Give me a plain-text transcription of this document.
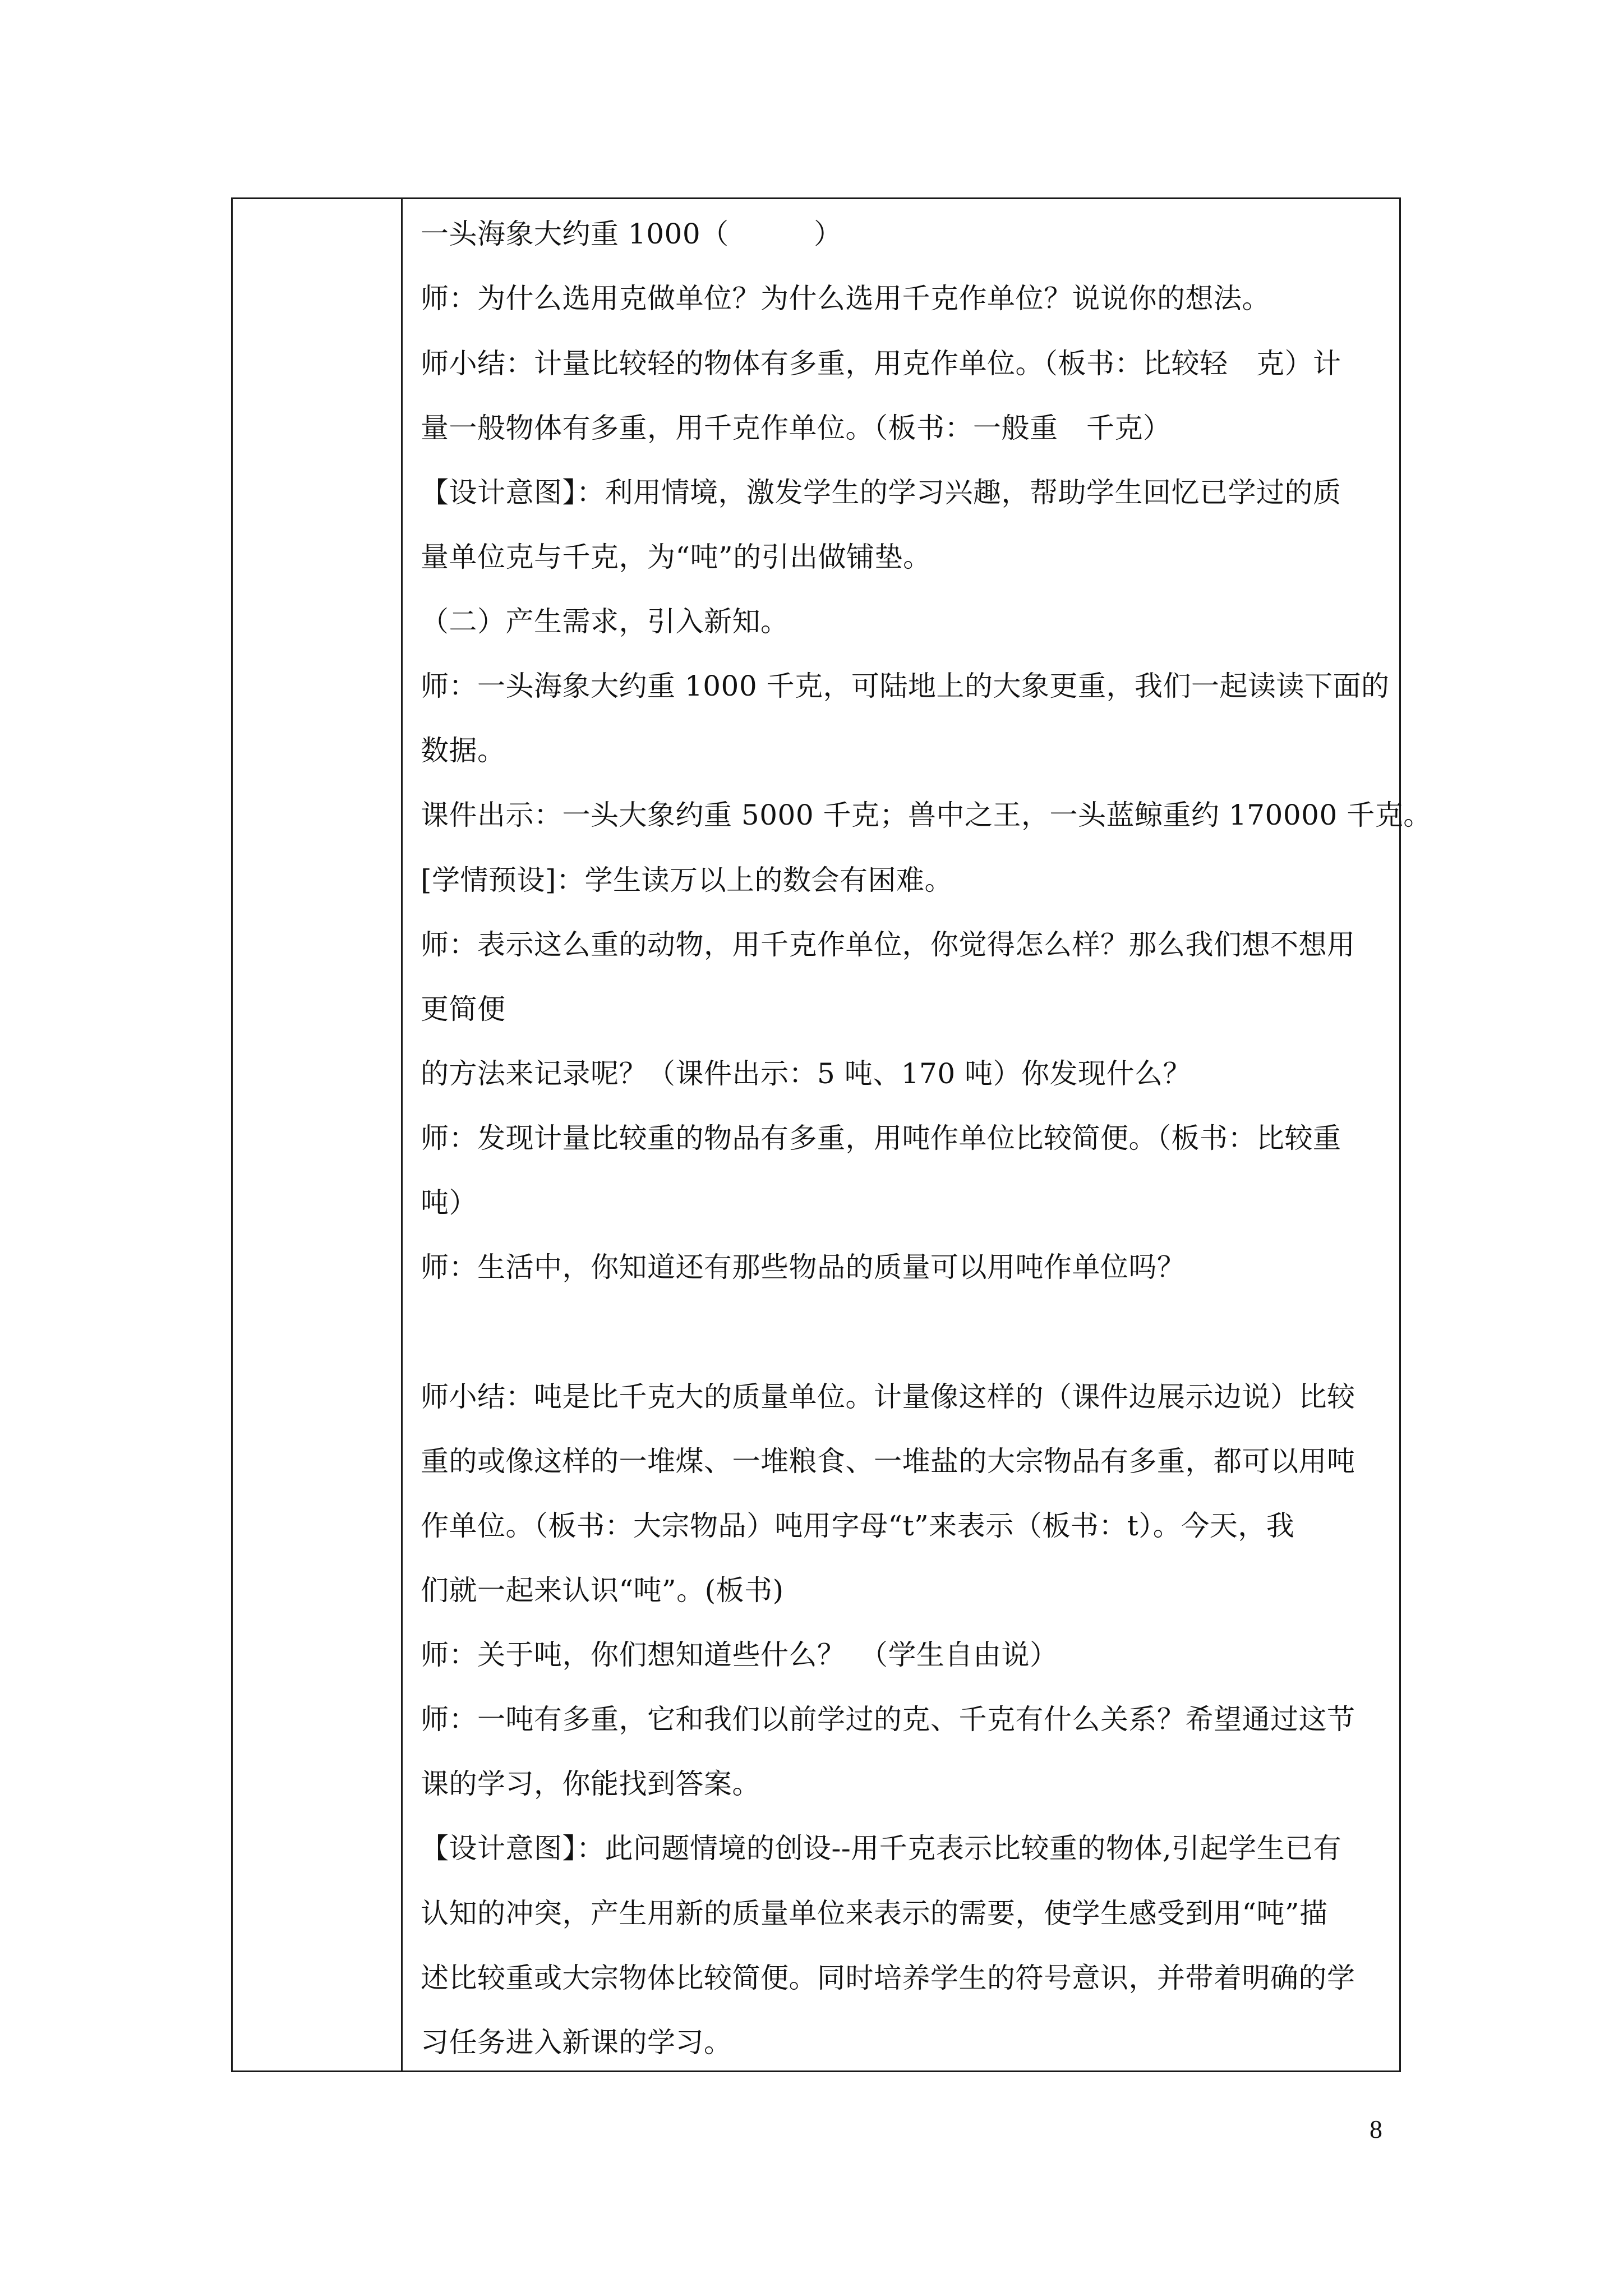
一头海象大约重 1000（　　　）
师：为什么选用克做单位？为什么选用千克作单位？说说你的想法。
师小结：计量比较轻的物体有多重，用克作单位。（板书：比较轻　克）计
量一般物体有多重，用千克作单位。（板书：一般重　千克）
【设计意图】：利用情境，激发学生的学习兴趣，帮助学生回忆已学过的质
量单位克与千克，为“吨”的引出做铺垫。
（二）产生需求，引入新知。
师：一头海象大约重 1000 千克，可陆地上的大象更重，我们一起读读下面的
数据。
课件出示：一头大象约重 5000 千克；兽中之王，一头蓝鲸重约 170000 千克。
[学情预设]：学生读万以上的数会有困难。
师：表示这么重的动物，用千克作单位，你觉得怎么样？那么我们想不想用
更简便
的方法来记录呢？（课件出示：5 吨、170 吨）你发现什么？
师：发现计量比较重的物品有多重，用吨作单位比较简便。（板书：比较重
吨）
师：生活中，你知道还有那些物品的质量可以用吨作单位吗？
师小结：吨是比千克大的质量单位。计量像这样的（课件边展示边说）比较
重的或像这样的一堆煤、一堆粮食、一堆盐的大宗物品有多重，都可以用吨
作单位。（板书：大宗物品）吨用字母“t”来表示（板书：t）。今天，我
们就一起来认识“吨”。(板书)
师：关于吨，你们想知道些什么？　（学生自由说）
师：一吨有多重，它和我们以前学过的克、千克有什么关系？希望通过这节
课的学习，你能找到答案。
【设计意图】：此问题情境的创设--用千克表示比较重的物体,引起学生已有
认知的冲突，产生用新的质量单位来表示的需要，使学生感受到用“吨”描
述比较重或大宗物体比较简便。同时培养学生的符号意识，并带着明确的学
习任务进入新课的学习。
8
